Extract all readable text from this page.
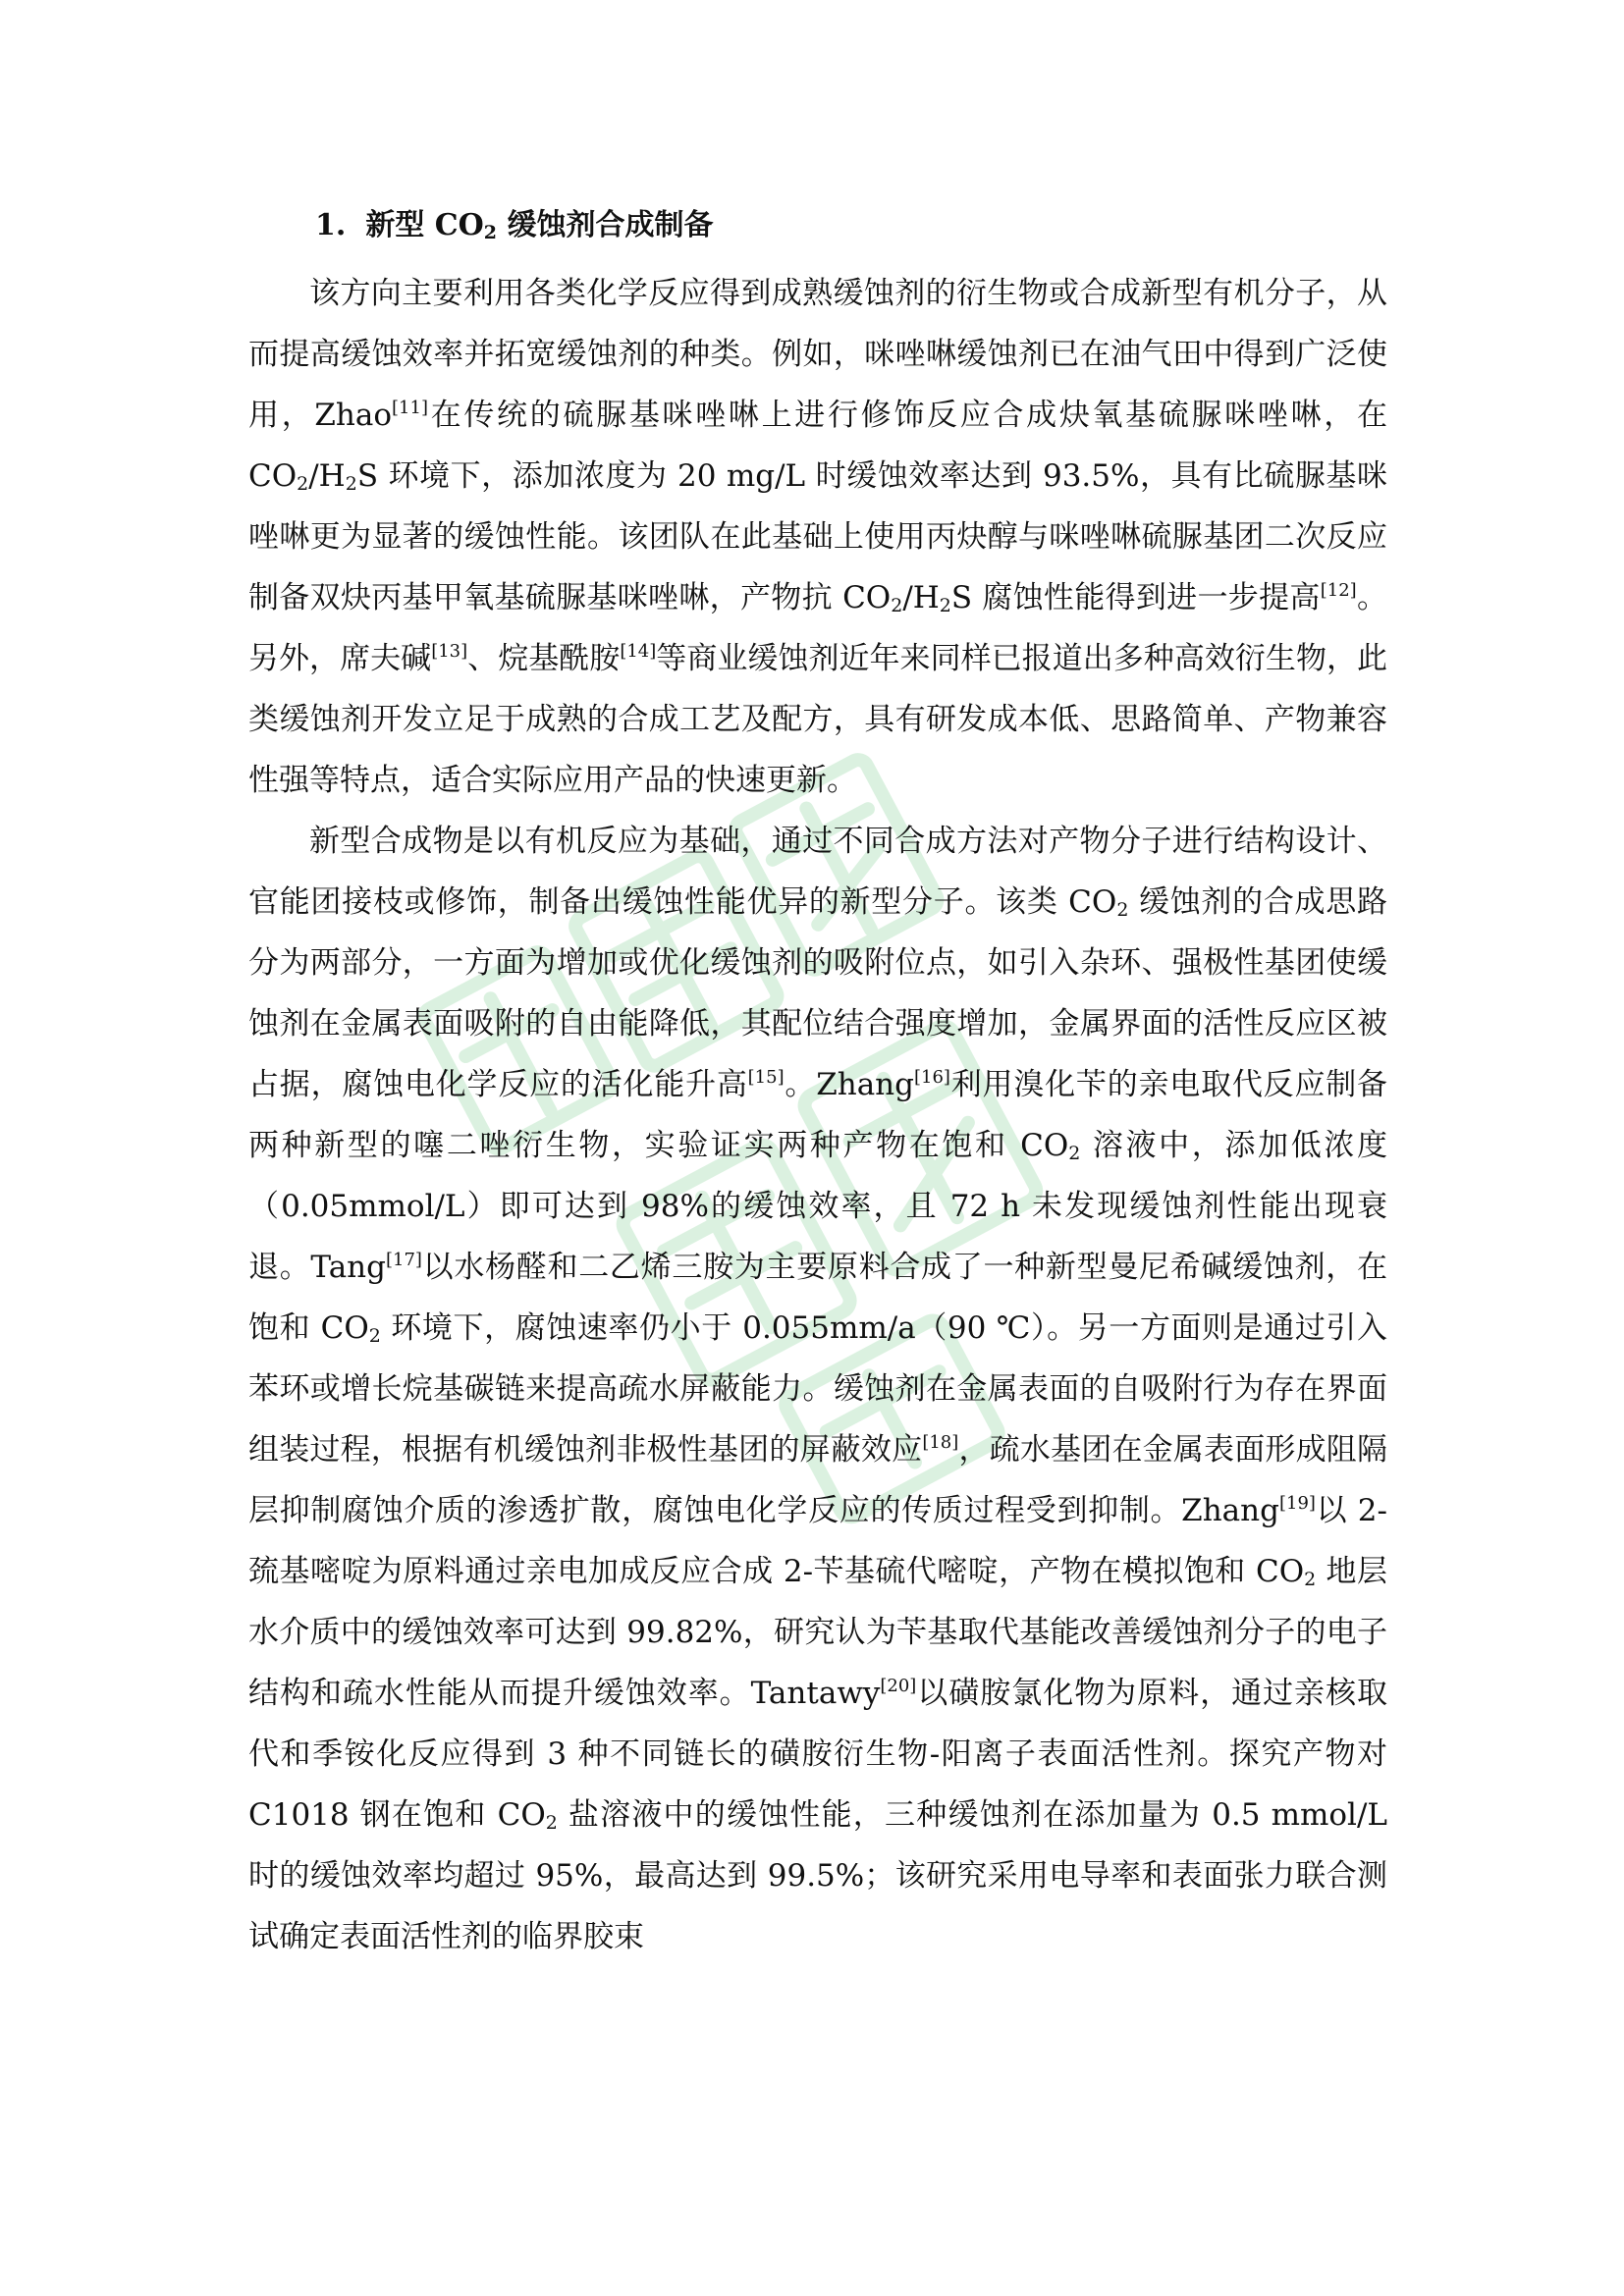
1. 新型 $CO_2$ 缓蚀剂合成制备

该方向主要利用各类化学反应得到成熟缓蚀剂的衍生物或合成新型有机分子，从而提高缓蚀效率并拓宽缓蚀剂的种类。例如，咪唑啉缓蚀剂已在油气田中得到广泛使用，Zhao[11]在传统的硫脲基咪唑啉上进行修饰反应合成炔氧基硫脲咪唑啉，在 $CO_2/H_2S$ 环境下，添加浓度为 20 mg/L 时缓蚀效率达到 93.5%，具有比硫脲基咪唑啉更为显著的缓蚀性能。该团队在此基础上使用丙炔醇与咪唑啉硫脲基团二次反应制备双炔丙基甲氧基硫脲基咪唑啉，产物抗 $CO_2/H_2S$ 腐蚀性能得到进一步提高[12]。另外，席夫碱[13]、烷基酰胺[14]等商业缓蚀剂近年来同样已报道出多种高效衍生物，此类缓蚀剂开发立足于成熟的合成工艺及配方，具有研发成本低、思路简单、产物兼容性强等特点，适合实际应用产品的快速更新。

新型合成物是以有机反应为基础，通过不同合成方法对产物分子进行结构设计、官能团接枝或修饰，制备出缓蚀性能优异的新型分子。该类 $CO_2$ 缓蚀剂的合成思路分为两部分，一方面为增加或优化缓蚀剂的吸附位点，如引入杂环、强极性基团使缓蚀剂在金属表面吸附的自由能降低，其配位结合强度增加，金属界面的活性反应区被占据，腐蚀电化学反应的活化能升高[15]。Zhang[16]利用溴化苄的亲电取代反应制备两种新型的噻二唑衍生物，实验证实两种产物在饱和 $CO_2$ 溶液中，添加低浓度（0.05mmol/L）即可达到 98%的缓蚀效率，且 72 h 未发现缓蚀剂性能出现衰退。Tang[17]以水杨醛和二乙烯三胺为主要原料合成了一种新型曼尼希碱缓蚀剂，在饱和 $CO_2$ 环境下，腐蚀速率仍小于 0.055mm/a（90 ℃）。另一方面则是通过引入苯环或增长烷基碳链来提高疏水屏蔽能力。缓蚀剂在金属表面的自吸附行为存在界面组装过程，根据有机缓蚀剂非极性基团的屏蔽效应[18]，疏水基团在金属表面形成阻隔层抑制腐蚀介质的渗透扩散，腐蚀电化学反应的传质过程受到抑制。Zhang[19]以 2-巯基嘧啶为原料通过亲电加成反应合成 2-苄基硫代嘧啶，产物在模拟饱和 $CO_2$ 地层水介质中的缓蚀效率可达到 99.82%，研究认为苄基取代基能改善缓蚀剂分子的电子结构和疏水性能从而提升缓蚀效率。Tantawy[20]以磺胺氯化物为原料，通过亲核取代和季铵化反应得到 3 种不同链长的磺胺衍生物-阳离子表面活性剂。探究产物对 C1018 钢在饱和 $CO_2$ 盐溶液中的缓蚀性能，三种缓蚀剂在添加量为 0.5 mmol/L 时的缓蚀效率均超过 95%，最高达到 99.5%；该研究采用电导率和表面张力联合测试确定表面活性剂的临界胶束
